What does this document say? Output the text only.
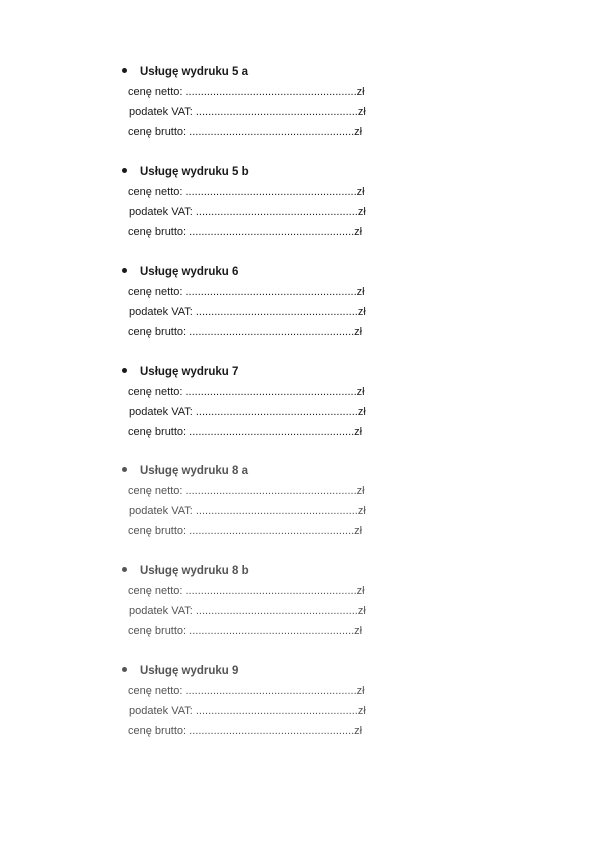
Usługę wydruku 5 a
cenę netto: ........................................................zł
podatek VAT: .....................................................zł
cenę brutto: ......................................................zł
Usługę wydruku 5 b
cenę netto: ........................................................zł
podatek VAT: .....................................................zł
cenę brutto: ......................................................zł
Usługę wydruku 6
cenę netto: ........................................................zł
podatek VAT: .....................................................zł
cenę brutto: ......................................................zł
Usługę wydruku 7
cenę netto: ........................................................zł
podatek VAT: .....................................................zł
cenę brutto: ......................................................zł
Usługę wydruku 8 a
cenę netto: ........................................................zł
podatek VAT: .....................................................zł
cenę brutto: ......................................................zł
Usługę wydruku 8 b
cenę netto: ........................................................zł
podatek VAT: .....................................................zł
cenę brutto: ......................................................zł
Usługę wydruku 9
cenę netto: ........................................................zł
podatek VAT: .....................................................zł
cenę brutto: ......................................................zł
